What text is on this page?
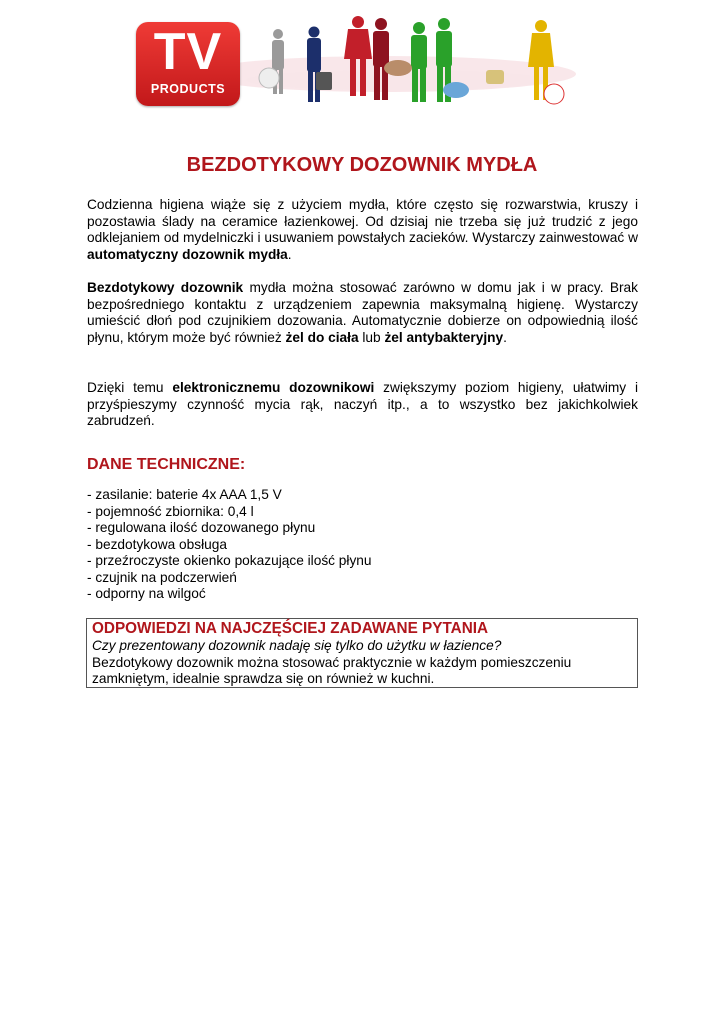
TV
PRODUCTS
BEZDOTYKOWY DOZOWNIK MYDŁA

Codzienna higiena wiąże się z użyciem mydła, które często się rozwarstwia, kruszy i pozostawia ślady na ceramice łazienkowej. Od dzisiaj nie trzeba się już trudzić z jego odklejaniem od mydelniczki i usuwaniem powstałych zacieków. Wystarczy zainwestować w automatyczny dozownik mydła.

Bezdotykowy dozownik mydła można stosować zarówno w domu jak i w pracy. Brak bezpośredniego kontaktu z urządzeniem zapewnia maksymalną higienę. Wystarczy umieścić dłoń pod czujnikiem dozowania. Automatycznie dobierze on odpowiednią ilość płynu, którym może być również żel do ciała lub żel antybakteryjny.

Dzięki temu elektronicznemu dozownikowi zwiększymy poziom higieny, ułatwimy i przyśpieszymy czynność mycia rąk, naczyń itp., a to wszystko bez jakichkolwiek zabrudzeń.

DANE TECHNICZNE:
- zasilanie: baterie 4x AAA 1,5 V
- pojemność zbiornika: 0,4 l
- regulowana ilość dozowanego płynu
- bezdotykowa obsługa
- przeźroczyste okienko pokazujące ilość płynu
- czujnik na podczerwień
- odporny na wilgoć

ODPOWIEDZI NA NAJCZĘŚCIEJ ZADAWANE PYTANIA

Czy prezentowany dozownik nadaję się tylko do użytku w łazience?

Bezdotykowy dozownik można stosować praktycznie w każdym pomieszczeniu zamkniętym, idealnie sprawdza się on również w kuchni.
